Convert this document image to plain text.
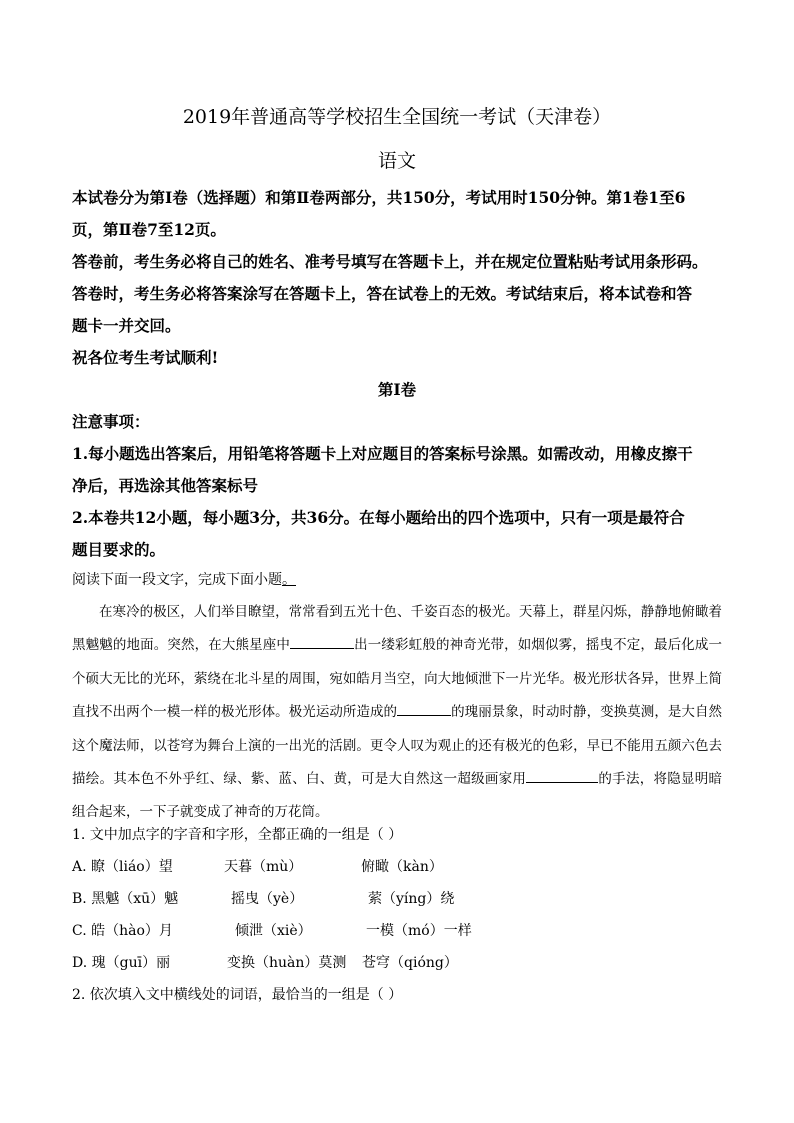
2019年普通高等学校招生全国统一考试（天津卷）
语文
本试卷分为第Ⅰ卷（选择题）和第Ⅱ卷两部分，共150分，考试用时150分钟。第1卷1至6
页，第Ⅱ卷7至12页。
答卷前，考生务必将自己的姓名、准考号填写在答题卡上，并在规定位置粘贴考试用条形码。
答卷时，考生务必将答案涂写在答题卡上，答在试卷上的无效。考试结束后，将本试卷和答
题卡一并交回。
祝各位考生考试顺利!
第Ⅰ卷
注意事项：
1.每小题选出答案后，用铅笔将答题卡上对应题目的答案标号涂黑。如需改动，用橡皮擦干
净后，再选涂其他答案标号
2.本卷共12小题，每小题3分，共36分。在每小题给出的四个选项中，只有一项是最符合
题目要求的。
阅读下面一段文字，完成下面小题。
在寒冷的极区，人们举目瞭望，常常看到五光十色、千姿百态的极光。天幕上，群星闪烁，静静地俯瞰着黑魆魆的地面。突然，在大熊星座中	出一缕彩虹般的神奇光带，如烟似雾，摇曳不定，最后化成一个硕大无比的光环，萦绕在北斗星的周围，宛如皓月当空，向大地倾泄下一片光华。极光形状各异，世界上简直找不出两个一模一样的极光形体。极光运动所造成的	的瑰丽景象，时动时静，变换莫测，是大自然这个魔法师，以苍穹为舞台上演的一出光的活剧。更令人叹为观止的还有极光的色彩，早已不能用五颜六色去描绘。其本色不外乎红、绿、紫、蓝、白、黄，可是大自然这一超级画家用	的手法，将隐显明暗组合起来，一下子就变成了神奇的万花筒。
1. 文中加点字的字音和字形，全都正确的一组是（ ）
A. 瞭（liáo）望	天暮（mù）	俯瞰（kàn）
B. 黑魆（xū）魆	摇曳（yè）	萦（yíng）绕
C. 皓（hào）月	倾泄（xiè）	一模（mó）一样
D. 瑰（guī）丽	变换（huàn）莫测 苍穹（qióng）
2. 依次填入文中横线处的词语，最恰当的一组是（ ）
